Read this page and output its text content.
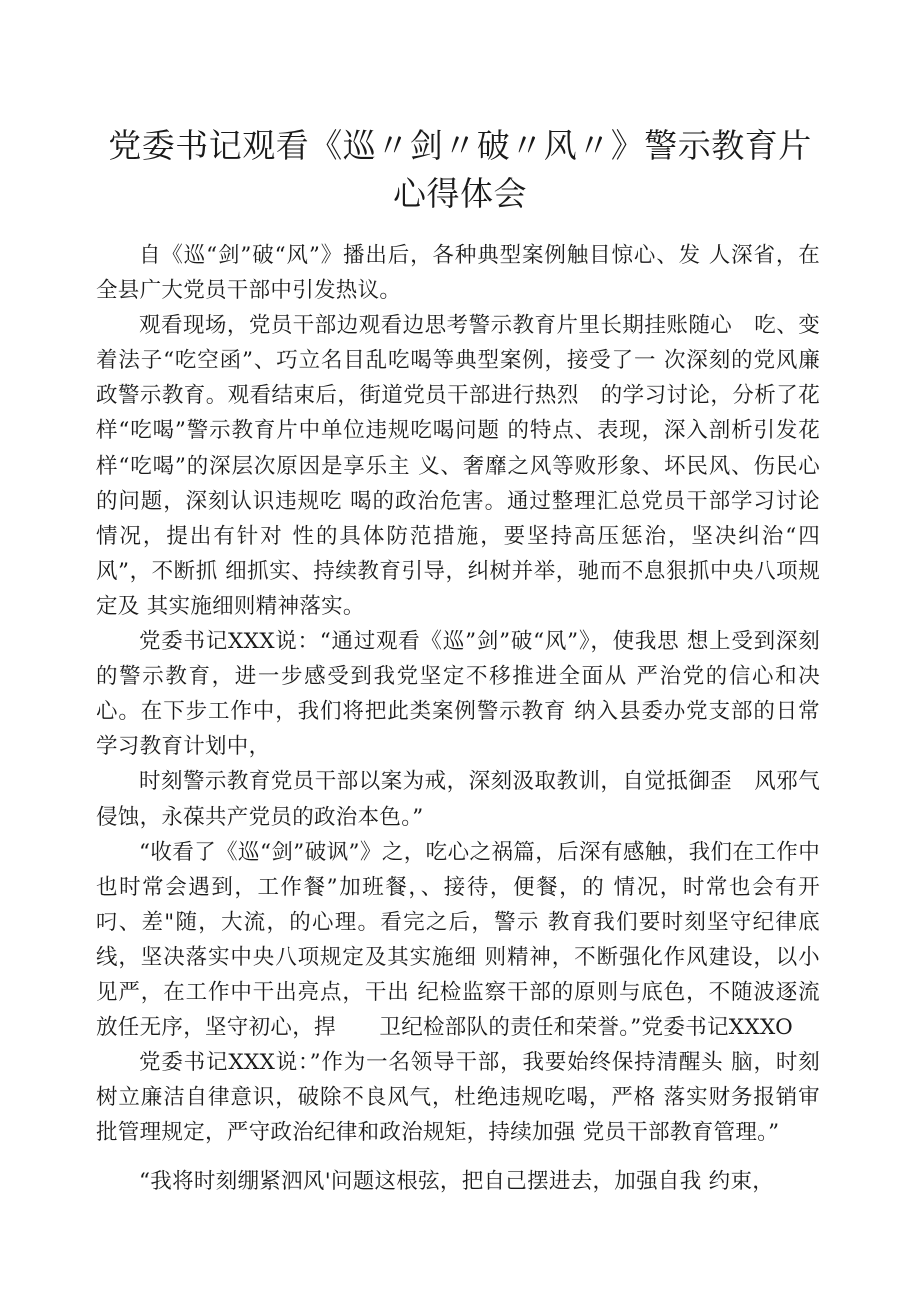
党委书记观看《巡〃剑〃破〃风〃》警示教育片 心得体会

自《巡“剑”破“风”》播出后，各种典型案例触目惊心、发 人深省，在全县广大党员干部中引发热议。

观看现场，党员干部边观看边思考警示教育片里长期挂账随心　吃、变着法子“吃空函”、巧立名目乱吃喝等典型案例，接受了一 次深刻的党风廉政警示教育。观看结束后，街道党员干部进行热烈　的学习讨论，分析了花样“吃喝”警示教育片中单位违规吃喝问题 的特点、表现，深入剖析引发花样“吃喝”的深层次原因是享乐主 义、奢靡之风等败形象、坏民风、伤民心的问题，深刻认识违规吃 喝的政治危害。通过整理汇总党员干部学习讨论情况，提出有针对 性的具体防范措施，要坚持高压惩治，坚决纠治“四风”，不断抓 细抓实、持续教育引导，纠树并举，驰而不息狠抓中央八项规定及 其实施细则精神落实。

党委书记XXX说：“通过观看《巡”剑”破“风”》，使我思 想上受到深刻的警示教育，进一步感受到我党坚定不移推进全面从 严治党的信心和决心。在下步工作中，我们将把此类案例警示教育 纳入县委办党支部的日常学习教育计划中，

时刻警示教育党员干部以案为戒，深刻汲取教训，自觉抵御歪　风邪气侵蚀，永葆共产党员的政治本色。”

“收看了《巡“剑”破讽”》之，吃心之祸篇，后深有感触，我们在工作中也时常会遇到，工作餐”加班餐，、接待，便餐，的 情况，时常也会有开叼、差"随，大流，的心理。看完之后，警示 教育我们要时刻坚守纪律底线，坚决落实中央八项规定及其实施细 则精神，不断强化作风建设，以小见严，在工作中干出亮点，干出 纪检监察干部的原则与底色，不随波逐流放任无序，坚守初心，捍　　卫纪检部队的责任和荣誉。”党委书记XXXO

党委书记XXX说：”作为一名领导干部，我要始终保持清醒头 脑，时刻树立廉洁自律意识，破除不良风气，杜绝违规吃喝，严格 落实财务报销审批管理规定，严守政治纪律和政治规矩，持续加强 党员干部教育管理。”

“我将时刻绷紧泗风'问题这根弦，把自己摆进去，加强自我 约束，
